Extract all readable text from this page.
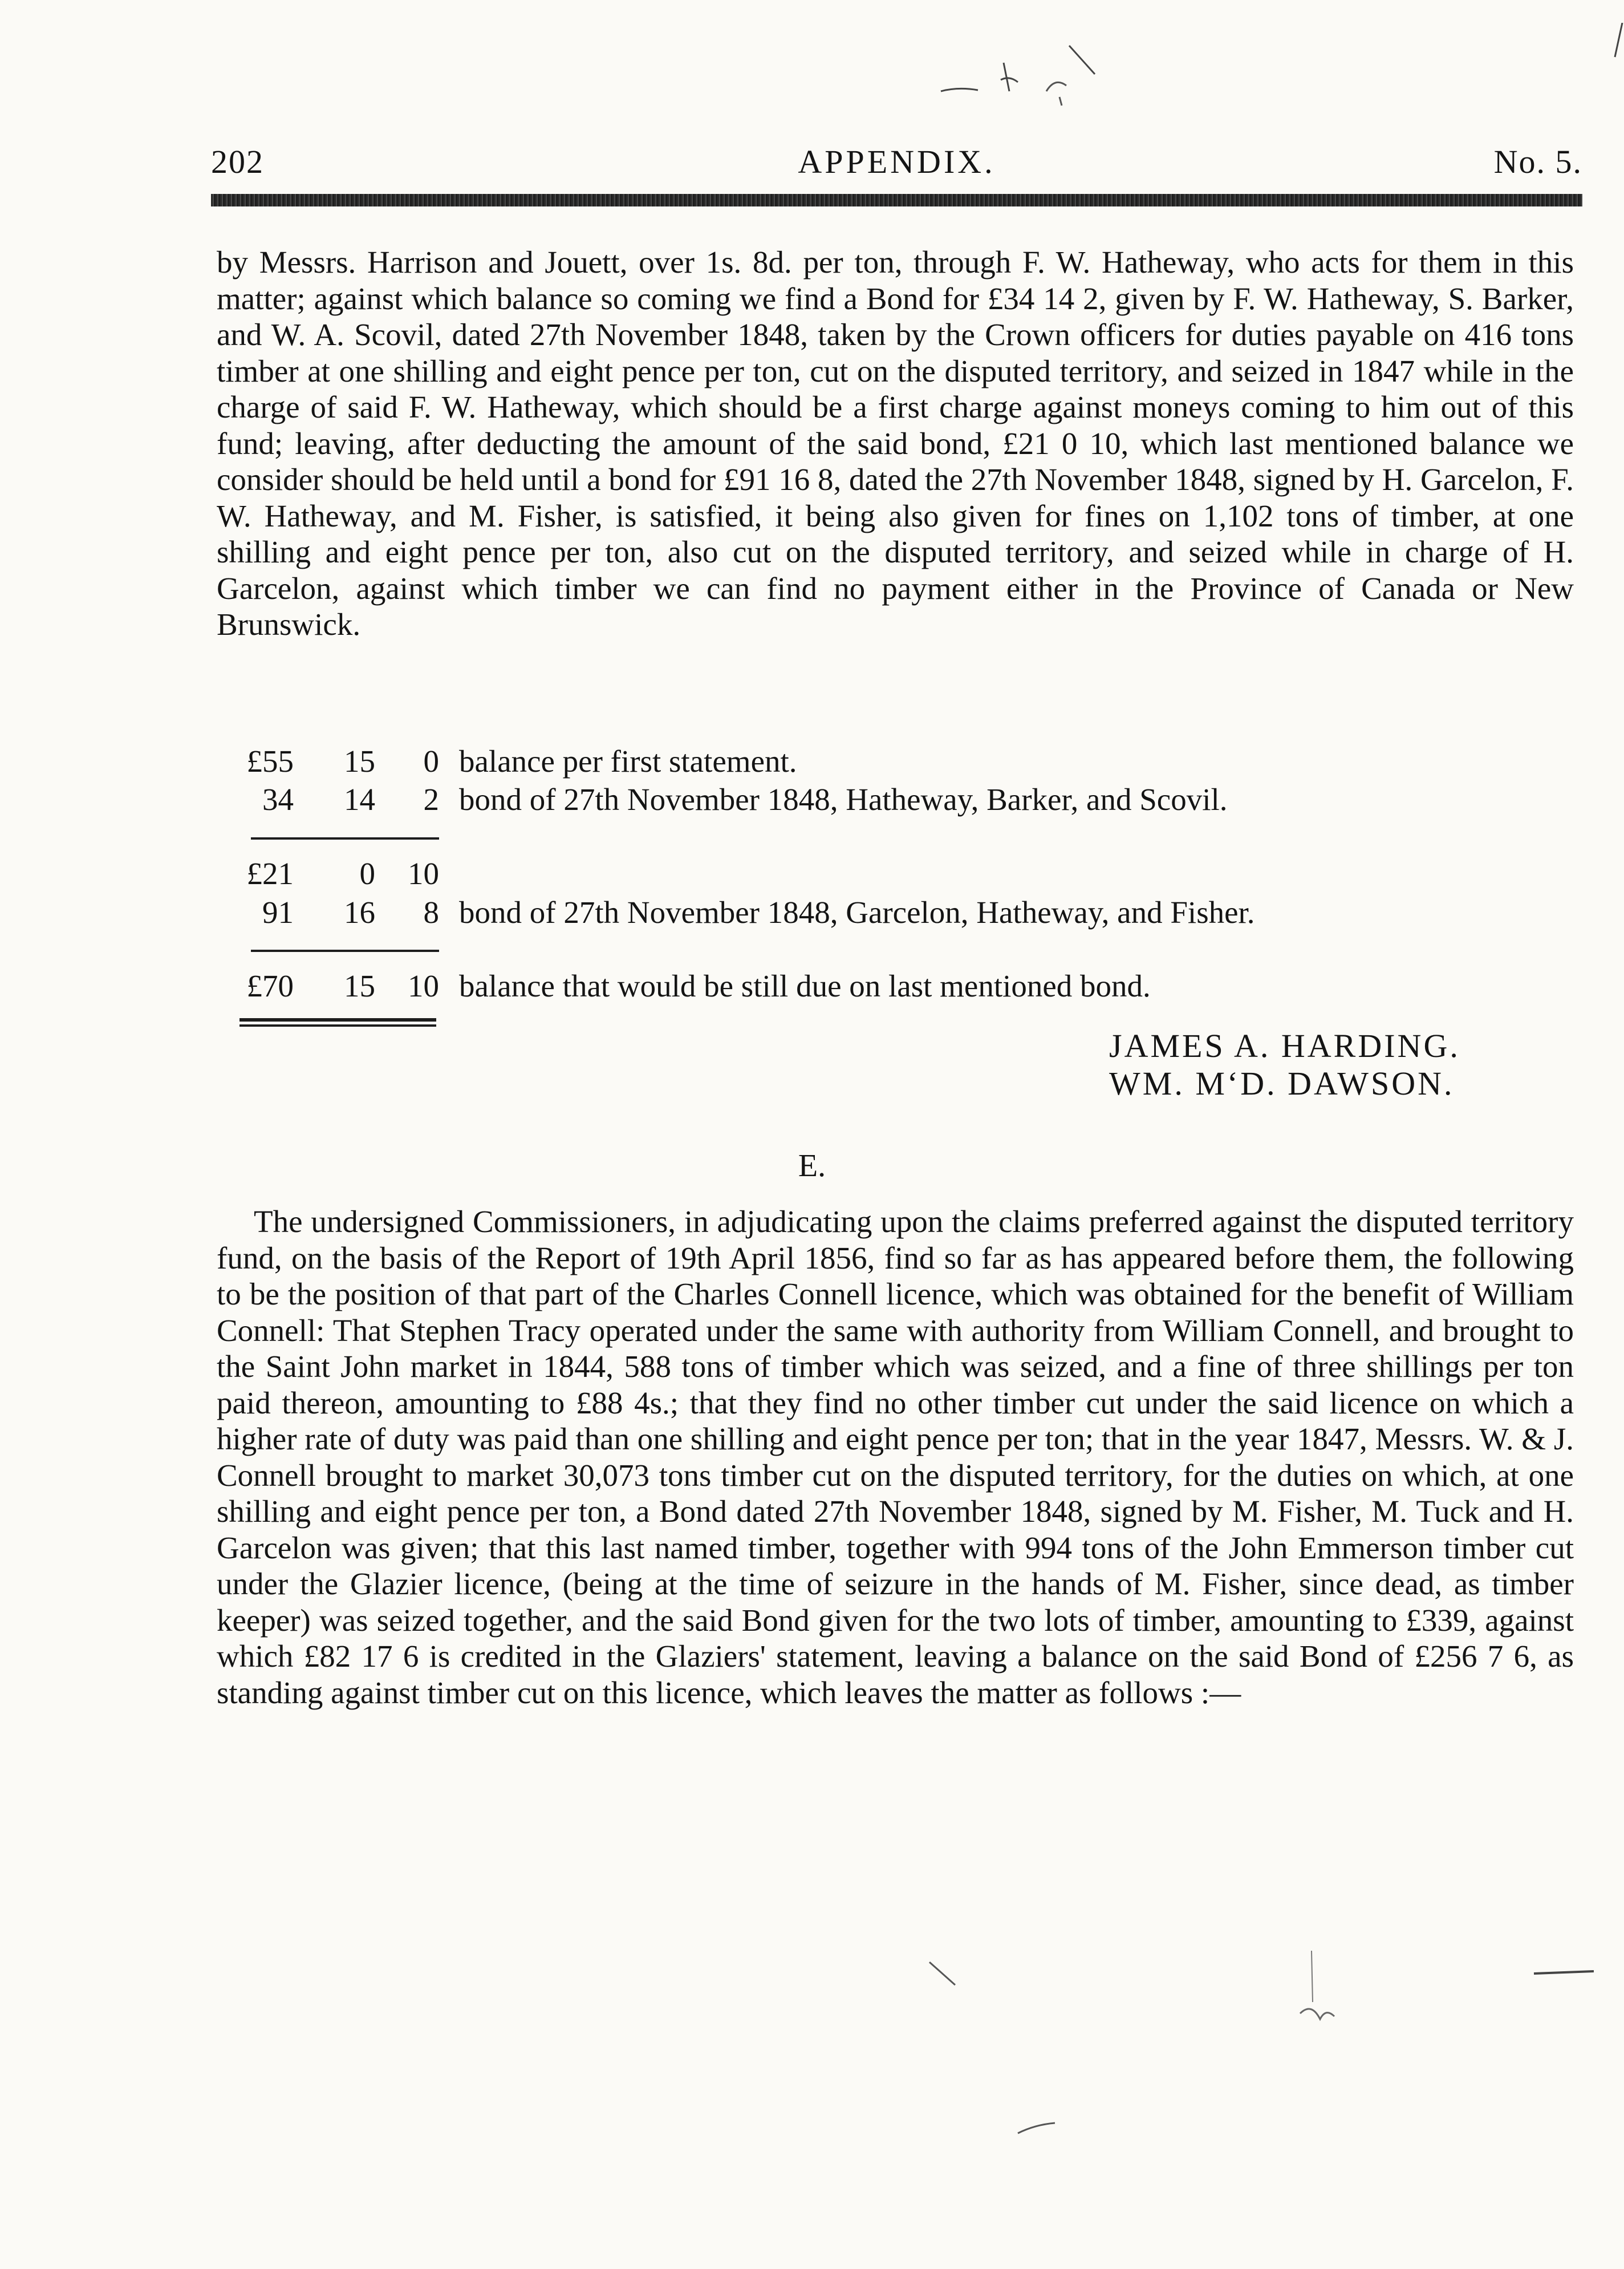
202	APPENDIX.	No. 5.
by Messrs. Harrison and Jouett, over 1s. 8d. per ton, through F. W. Hatheway, who acts for them in this matter; against which balance so coming we find a Bond for £34 14 2, given by F. W. Hatheway, S. Barker, and W. A. Scovil, dated 27th November 1848, taken by the Crown officers for duties payable on 416 tons timber at one shilling and eight pence per ton, cut on the disputed territory, and seized in 1847 while in the charge of said F. W. Hatheway, which should be a first charge against moneys coming to him out of this fund; leaving, after deducting the amount of the said bond, £21 0 10, which last mentioned balance we consider should be held until a bond for £91 16 8, dated the 27th November 1848, signed by H. Garcelon, F. W. Hatheway, and M. Fisher, is satisfied, it being also given for fines on 1,102 tons of timber, at one shilling and eight pence per ton, also cut on the disputed territory, and seized while in charge of H. Garcelon, against which timber we can find no payment either in the Province of Canada or New Brunswick.
£55 15 0 balance per first statement.
34 14 2 bond of 27th November 1848, Hatheway, Barker, and Scovil.
£21 0 10
91 16 8 bond of 27th November 1848, Garcelon, Hatheway, and Fisher.
£70 15 10 balance that would be still due on last mentioned bond.
JAMES A. HARDING.
WM. M‘D. DAWSON.
E.
The undersigned Commissioners, in adjudicating upon the claims preferred against the disputed territory fund, on the basis of the Report of 19th April 1856, find so far as has appeared before them, the following to be the position of that part of the Charles Connell licence, which was obtained for the benefit of William Connell: That Stephen Tracy operated under the same with authority from William Connell, and brought to the Saint John market in 1844, 588 tons of timber which was seized, and a fine of three shillings per ton paid thereon, amounting to £88 4s.; that they find no other timber cut under the said licence on which a higher rate of duty was paid than one shilling and eight pence per ton; that in the year 1847, Messrs. W. & J. Connell brought to market 30,073 tons timber cut on the disputed territory, for the duties on which, at one shilling and eight pence per ton, a Bond dated 27th November 1848, signed by M. Fisher, M. Tuck and H. Garcelon was given; that this last named timber, together with 994 tons of the John Emmerson timber cut under the Glazier licence, (being at the time of seizure in the hands of M. Fisher, since dead, as timber keeper) was seized together, and the said Bond given for the two lots of timber, amounting to £339, against which £82 17 6 is credited in the Glaziers' statement, leaving a balance on the said Bond of £256 7 6, as standing against timber cut on this licence, which leaves the matter as follows :—
